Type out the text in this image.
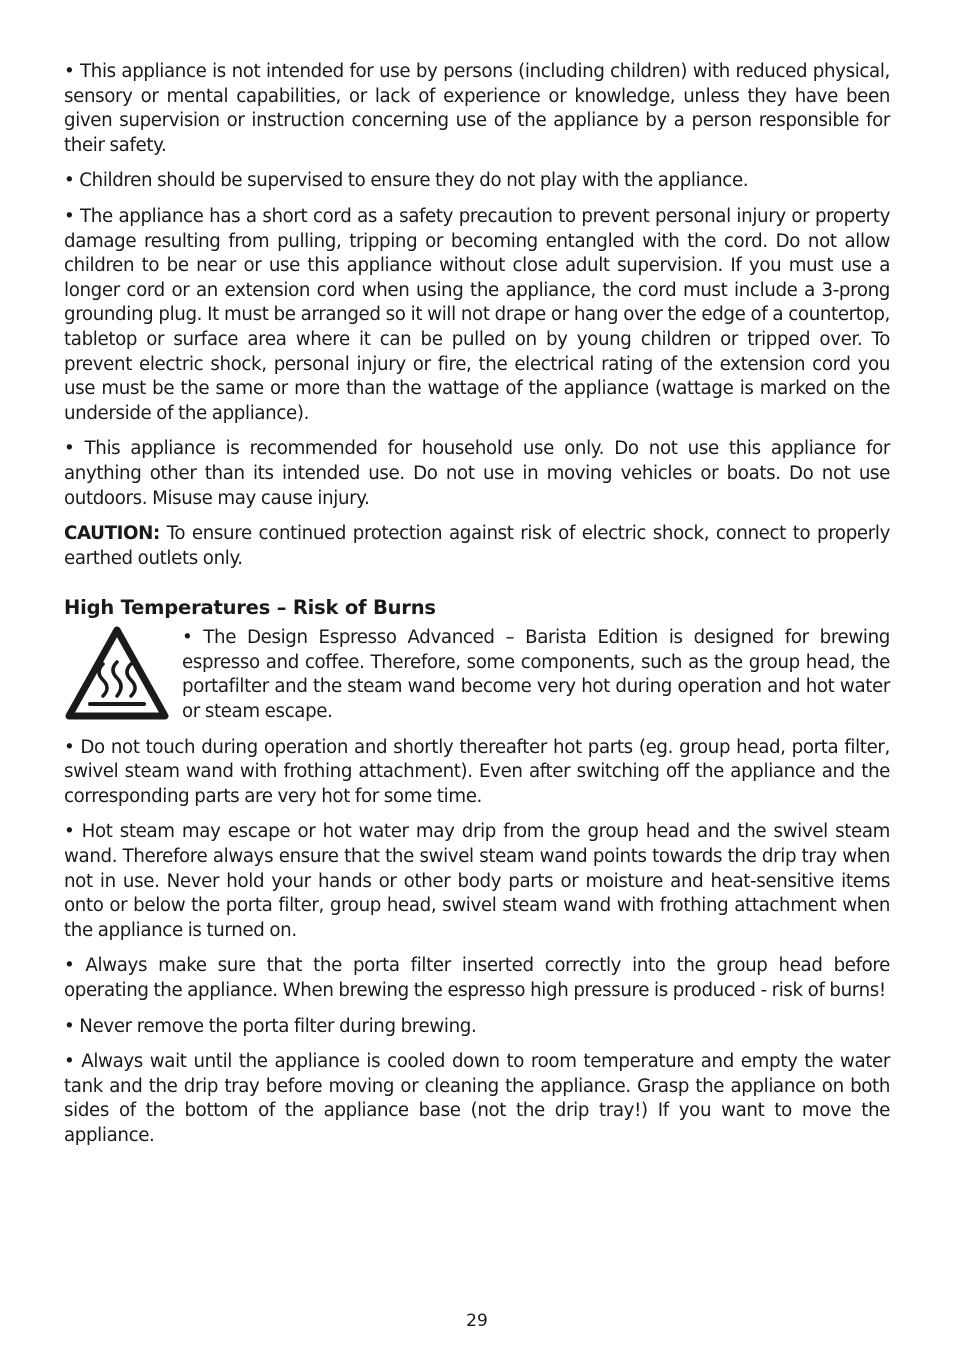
• This appliance is not intended for use by persons (including children) with reduced physical, sensory or mental capabilities, or lack of experience or knowledge, unless they have been given supervision or instruction concerning use of the appliance by a person responsible for their safety.

• Children should be supervised to ensure they do not play with the appliance.

• The appliance has a short cord as a safety precaution to prevent personal injury or property damage resulting from pulling, tripping or becoming entangled with the cord. Do not allow children to be near or use this appliance without close adult supervision. If you must use a longer cord or an extension cord when using the appliance, the cord must include a 3-prong grounding plug. It must be arranged so it will not drape or hang over the edge of a countertop, tabletop or surface area where it can be pulled on by young children or tripped over. To prevent electric shock, personal injury or fire, the electrical rating of the extension cord you use must be the same or more than the wattage of the appliance (wattage is marked on the underside of the appliance).

• This appliance is recommended for household use only. Do not use this appliance for anything other than its intended use. Do not use in moving vehicles or boats. Do not use outdoors. Misuse may cause injury.

CAUTION: To ensure continued protection against risk of electric shock, connect to properly earthed outlets only.

High Temperatures – Risk of Burns

• The Design Espresso Advanced – Barista Edition is designed for brewing espresso and coffee. Therefore, some components, such as the group head, the portafilter and the steam wand become very hot during operation and hot water or steam escape.

• Do not touch during operation and shortly thereafter hot parts (eg. group head, porta filter, swivel steam wand with frothing attachment). Even after switching off the appliance and the corresponding parts are very hot for some time.

• Hot steam may escape or hot water may drip from the group head and the swivel steam wand. Therefore always ensure that the swivel steam wand points towards the drip tray when not in use. Never hold your hands or other body parts or moisture and heat-sensitive items onto or below the porta filter, group head, swivel steam wand with frothing attachment when the appliance is turned on.

• Always make sure that the porta filter inserted correctly into the group head before operating the appliance. When brewing the espresso high pressure is produced - risk of burns!

• Never remove the porta filter during brewing.

• Always wait until the appliance is cooled down to room temperature and empty the water tank and the drip tray before moving or cleaning the appliance. Grasp the appliance on both sides of the bottom of the appliance base (not the drip tray!) If you want to move the appliance.

29
